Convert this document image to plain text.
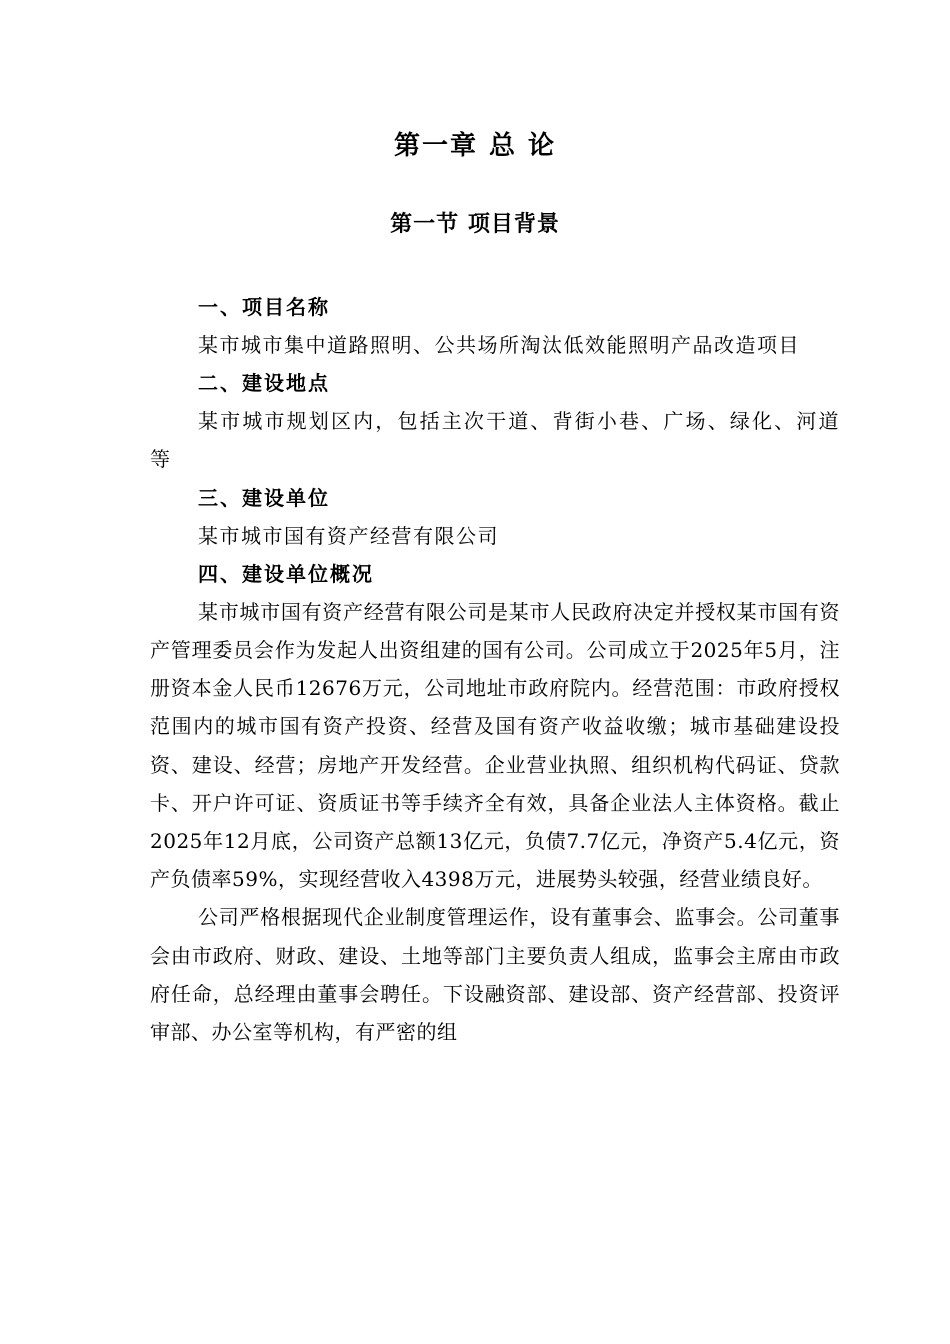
第一章 总 论
第一节 项目背景
一、项目名称

某市城市集中道路照明、公共场所淘汰低效能照明产品改造项目

二、建设地点

某市城市规划区内，包括主次干道、背街小巷、广场、绿化、河道等

三、建设单位

某市城市国有资产经营有限公司

四、建设单位概况

某市城市国有资产经营有限公司是某市人民政府决定并授权某市国有资产管理委员会作为发起人出资组建的国有公司。公司成立于2025年5月，注册资本金人民币12676万元，公司地址市政府院内。经营范围：市政府授权范围内的城市国有资产投资、经营及国有资产收益收缴；城市基础建设投资、建设、经营；房地产开发经营。企业营业执照、组织机构代码证、贷款卡、开户许可证、资质证书等手续齐全有效，具备企业法人主体资格。截止2025年12月底，公司资产总额13亿元，负债7.7亿元，净资产5.4亿元，资产负债率59%，实现经营收入4398万元，进展势头较强，经营业绩良好。

公司严格根据现代企业制度管理运作，设有董事会、监事会。公司董事会由市政府、财政、建设、土地等部门主要负责人组成，监事会主席由市政府任命，总经理由董事会聘任。下设融资部、建设部、资产经营部、投资评审部、办公室等机构，有严密的组
